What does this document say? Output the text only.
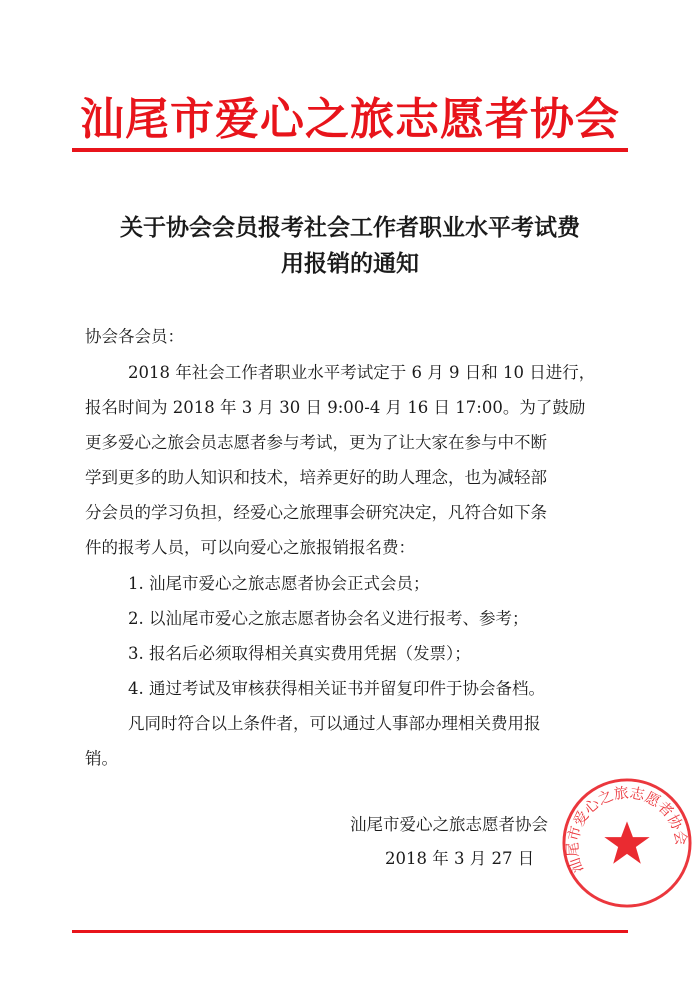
汕尾市爱心之旅志愿者协会
关于协会会员报考社会工作者职业水平考试费
用报销的通知
协会各会员：
2018 年社会工作者职业水平考试定于 6 月 9 日和 10 日进行，
报名时间为 2018 年 3 月 30 日 9:00-4 月 16 日 17:00。为了鼓励
更多爱心之旅会员志愿者参与考试，更为了让大家在参与中不断
学到更多的助人知识和技术，培养更好的助人理念，也为减轻部
分会员的学习负担，经爱心之旅理事会研究决定，凡符合如下条
件的报考人员，可以向爱心之旅报销报名费：
1. 汕尾市爱心之旅志愿者协会正式会员；
2. 以汕尾市爱心之旅志愿者协会名义进行报考、参考；
3. 报名后必须取得相关真实费用凭据（发票）；
4. 通过考试及审核获得相关证书并留复印件于协会备档。
凡同时符合以上条件者，可以通过人事部办理相关费用报
销。
汕尾市爱心之旅志愿者协会
2018 年 3 月 27 日 汕尾市爱心之旅志愿者协会
